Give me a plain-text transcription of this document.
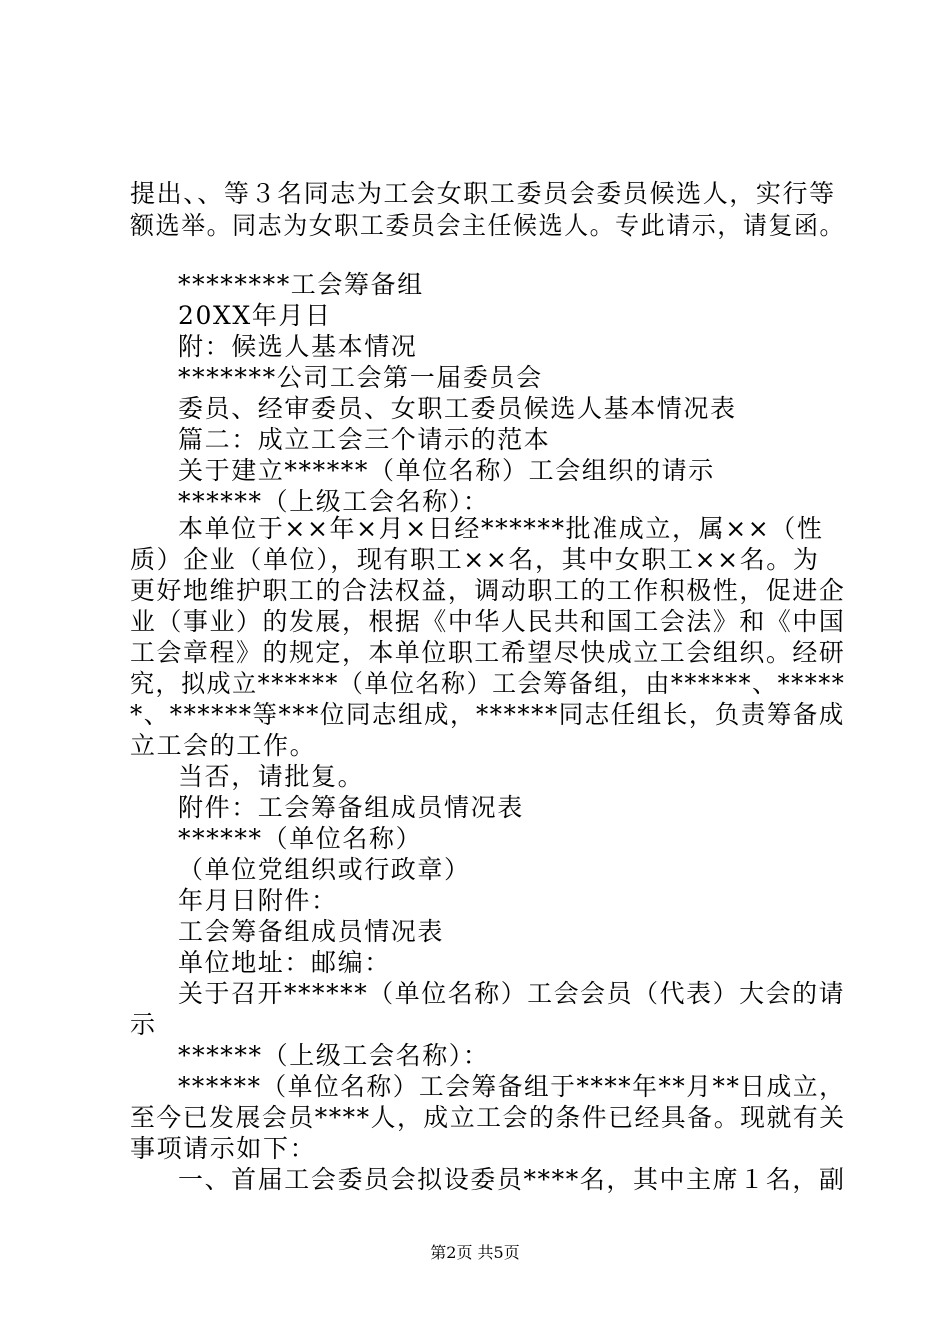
提出、、等３名同志为工会女职工委员会委员候选人，实行等
额选举。同志为女职工委员会主任候选人。专此请示，请复函。
********工会筹备组
20XX年月日
附：候选人基本情况
*******公司工会第一届委员会
委员、经审委员、女职工委员候选人基本情况表
篇二：成立工会三个请示的范本
关于建立******（单位名称）工会组织的请示
******（上级工会名称）：
本单位于××年×月×日经******批准成立，属××（性
质）企业（单位），现有职工××名，其中女职工××名。为
更好地维护职工的合法权益，调动职工的工作积极性，促进企
业（事业）的发展，根据《中华人民共和国工会法》和《中国
工会章程》的规定，本单位职工希望尽快成立工会组织。经研
究，拟成立******（单位名称）工会筹备组，由******、*****
*、******等***位同志组成，******同志任组长，负责筹备成
立工会的工作。
当否，请批复。
附件：工会筹备组成员情况表
******（单位名称）
（单位党组织或行政章）
年月日附件：
工会筹备组成员情况表
单位地址：邮编：
关于召开******（单位名称）工会会员（代表）大会的请
示
******（上级工会名称）：
******（单位名称）工会筹备组于****年**月**日成立，
至今已发展会员****人，成立工会的条件已经具备。现就有关
事项请示如下：
一、首届工会委员会拟设委员****名，其中主席１名，副
第2页 共5页
